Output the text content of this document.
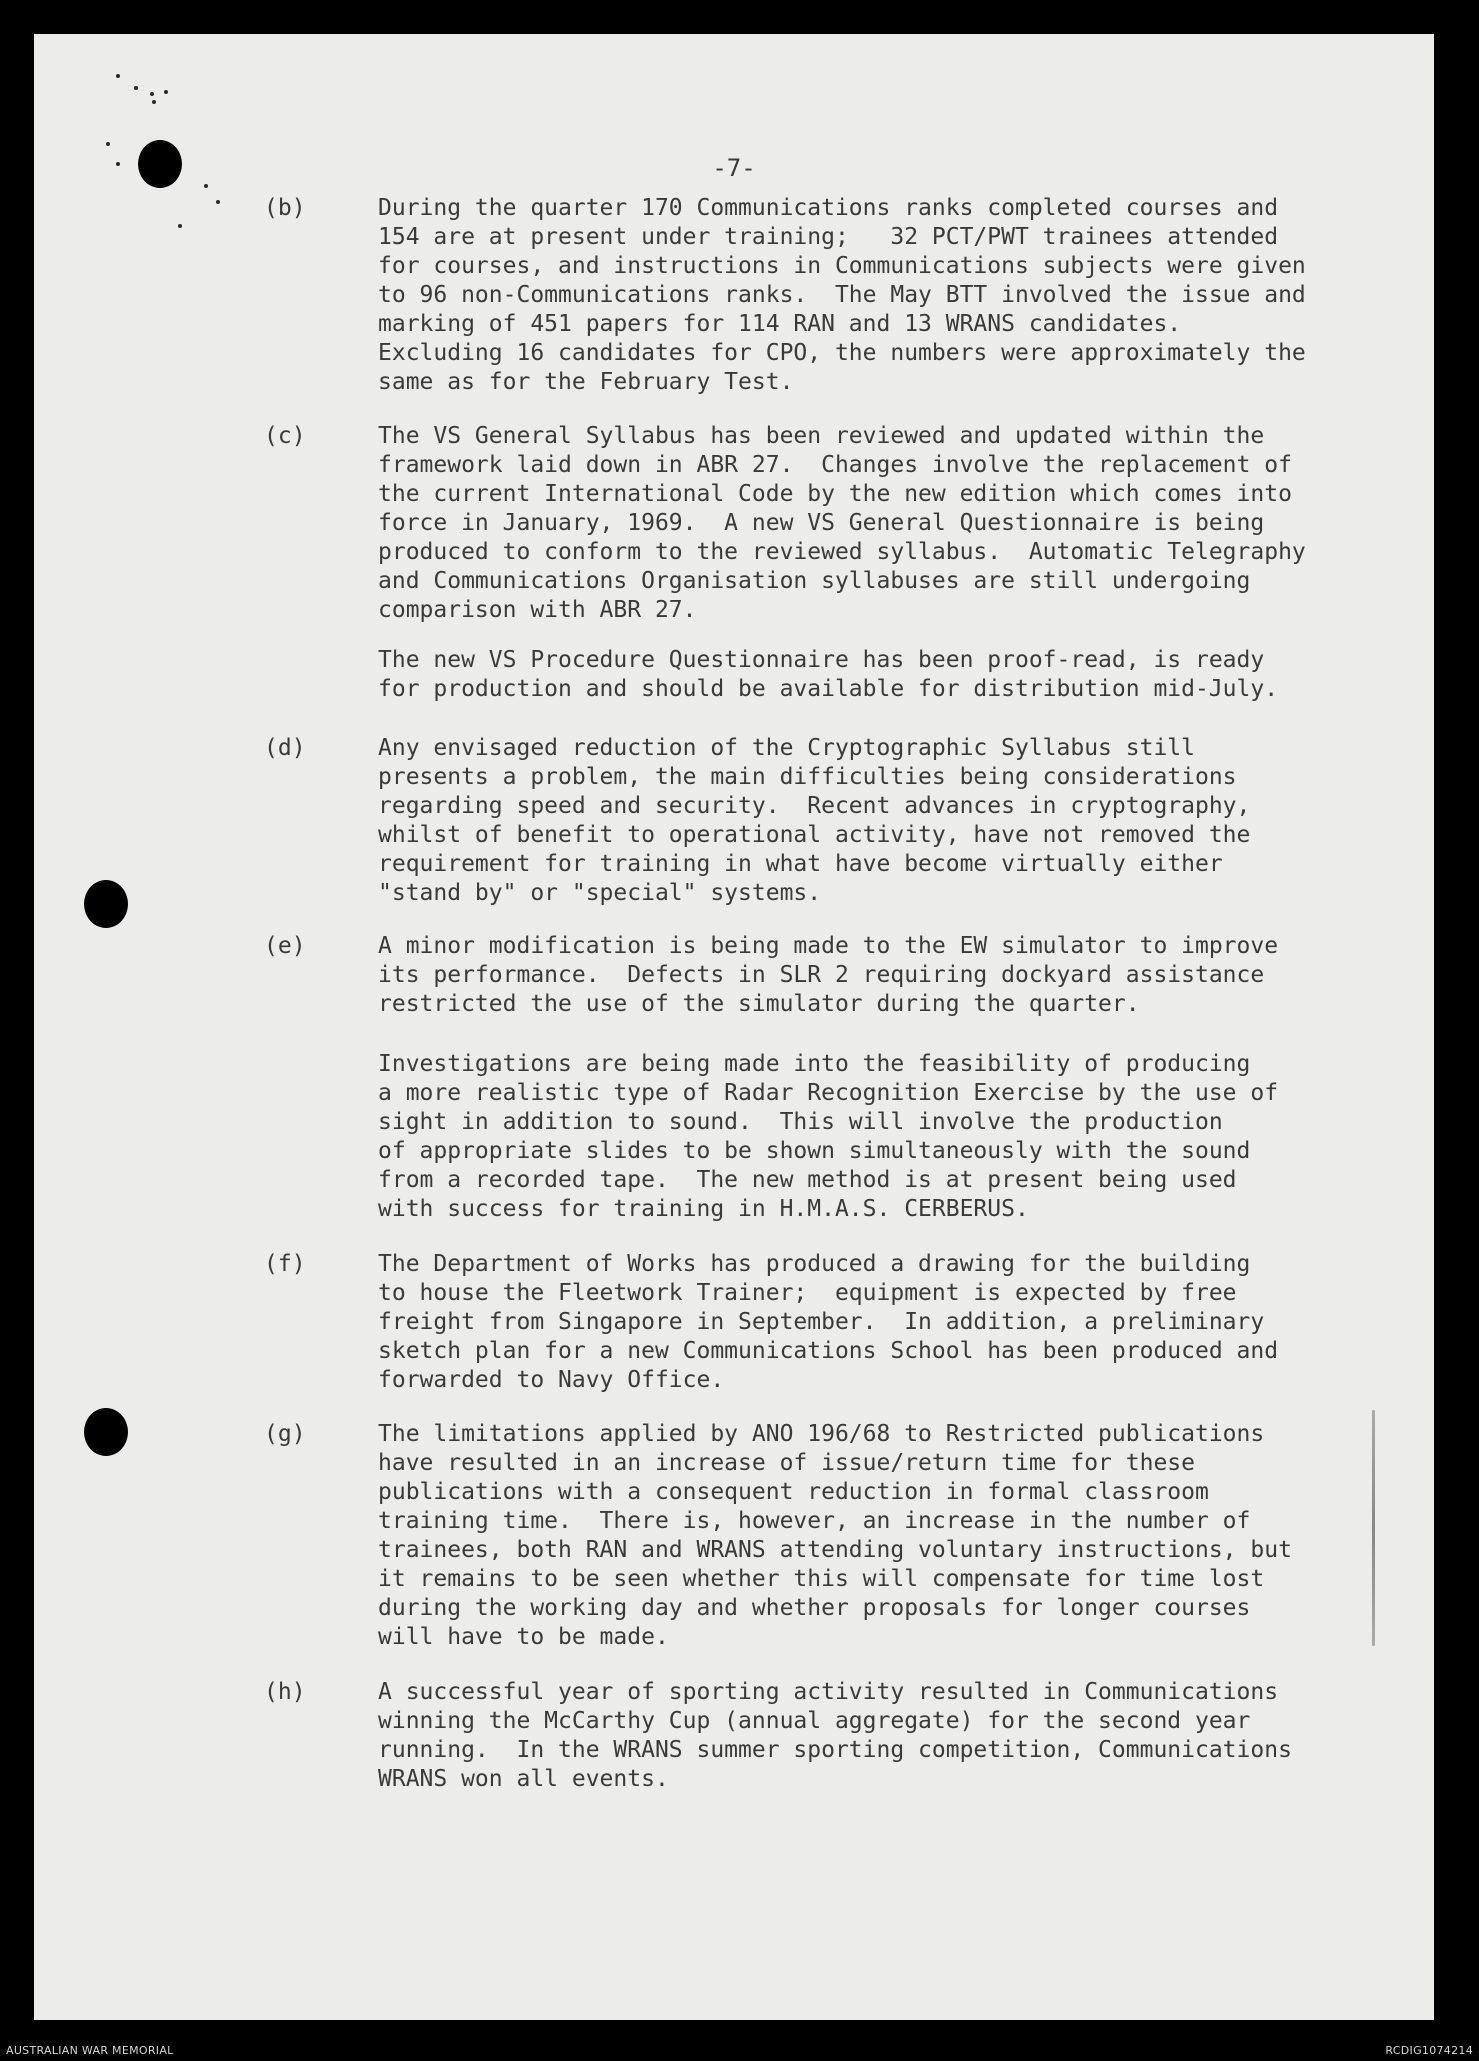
-7-
(b)	During the quarter 170 Communications ranks completed courses and
154 are at present under training;   32 PCT/PWT trainees attended
for courses, and instructions in Communications subjects were given
to 96 non-Communications ranks.  The May BTT involved the issue and
marking of 451 papers for 114 RAN and 13 WRANS candidates.
Excluding 16 candidates for CPO, the numbers were approximately the
same as for the February Test.
(c)	The VS General Syllabus has been reviewed and updated within the
framework laid down in ABR 27.  Changes involve the replacement of
the current International Code by the new edition which comes into
force in January, 1969.  A new VS General Questionnaire is being
produced to conform to the reviewed syllabus.  Automatic Telegraphy
and Communications Organisation syllabuses are still undergoing
comparison with ABR 27.
The new VS Procedure Questionnaire has been proof-read, is ready
for production and should be available for distribution mid-July.
(d)	Any envisaged reduction of the Cryptographic Syllabus still
presents a problem, the main difficulties being considerations
regarding speed and security.  Recent advances in cryptography,
whilst of benefit to operational activity, have not removed the
requirement for training in what have become virtually either
"stand by" or "special" systems.
(e)	A minor modification is being made to the EW simulator to improve
its performance.  Defects in SLR 2 requiring dockyard assistance
restricted the use of the simulator during the quarter.
Investigations are being made into the feasibility of producing
a more realistic type of Radar Recognition Exercise by the use of
sight in addition to sound.  This will involve the production
of appropriate slides to be shown simultaneously with the sound
from a recorded tape.  The new method is at present being used
with success for training in H.M.A.S. CERBERUS.
(f)	The Department of Works has produced a drawing for the building
to house the Fleetwork Trainer;  equipment is expected by free
freight from Singapore in September.  In addition, a preliminary
sketch plan for a new Communications School has been produced and
forwarded to Navy Office.
(g)	The limitations applied by ANO 196/68 to Restricted publications
have resulted in an increase of issue/return time for these
publications with a consequent reduction in formal classroom
training time.  There is, however, an increase in the number of
trainees, both RAN and WRANS attending voluntary instructions, but
it remains to be seen whether this will compensate for time lost
during the working day and whether proposals for longer courses
will have to be made.
(h)	A successful year of sporting activity resulted in Communications
winning the McCarthy Cup (annual aggregate) for the second year
running.  In the WRANS summer sporting competition, Communications
WRANS won all events.
AUSTRALIAN WAR MEMORIAL	RCDIG1074214
